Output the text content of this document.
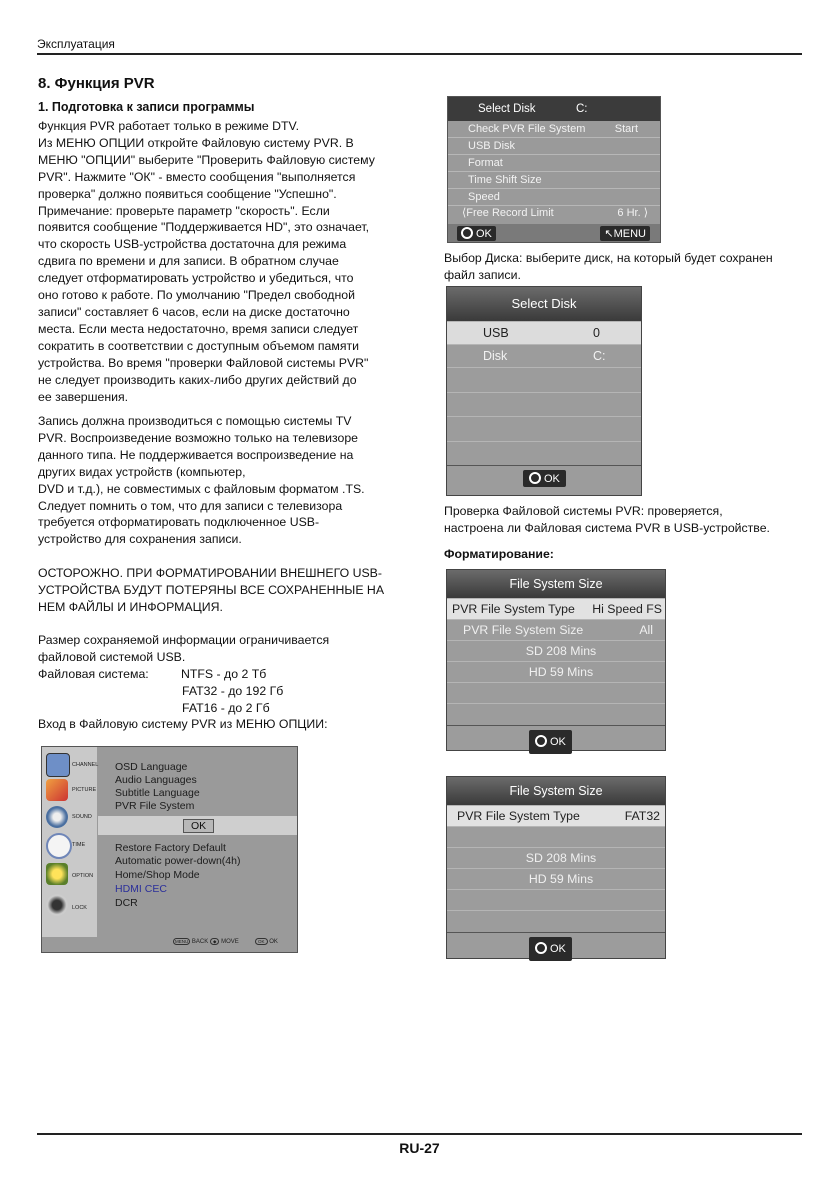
Эксплуатация
RU-27
8. Функция PVR
1. Подготовка к записи программы

Функция PVR работает только в режиме DTV.
Из МЕНЮ ОПЦИИ откройте Файловую систему PVR. В
МЕНЮ "ОПЦИИ" выберите "Проверить Файловую систему
PVR". Нажмите "ОК" - вместо сообщения "выполняется
проверка" должно появиться сообщение "Успешно".
Примечание: проверьте параметр "скорость". Если
появится сообщение "Поддерживается HD", это означает,
что скорость USB-устройства достаточна для режима
сдвига по времени и для записи. В обратном случае
следует отформатировать устройство и убедиться, что
оно готово к работе. По умолчанию "Предел свободной
записи" составляет 6 часов, если на диске достаточно
места. Если места недостаточно, время записи следует
сократить в соответствии с доступным объемом памяти
устройства. Во время "проверки Файловой системы PVR"
не следует производить каких-либо других действий до
ее завершения.

Запись должна производиться с помощью системы TV
PVR. Воспроизведение возможно только на телевизоре
данного типа. Не поддерживается воспроизведение на
других видах устройств (компьютер,
DVD и т.д.), не совместимых с файловым форматом .TS.
Следует помнить о том, что для записи с телевизора
требуется отформатировать подключенное USB-
устройство для сохранения записи.

ОСТОРОЖНО. ПРИ ФОРМАТИРОВАНИИ ВНЕШНЕГО USB-
УСТРОЙСТВА БУДУТ ПОТЕРЯНЫ ВСЕ СОХРАНЕННЫЕ НА
НЕМ ФАЙЛЫ И ИНФОРМАЦИЯ.

Размер сохраняемой информации ограничивается
файловой системой USB.

Файловая система:	NTFS - до 2 Тб
FAT32 - до 192 Гб
FAT16 - до 2 Гб

Вход в Файловую систему PVR из МЕНЮ ОПЦИИ:

Select Disk	C:
Check PVR File System	Start
USB Disk
Format
Time Shift Size
Speed
⟨Free Record Limit	6 Hr. ⟩
OK	↖MENU
Выбор Диска: выберите диск, на который будет сохранен
файл записи.
Проверка Файловой системы PVR: проверяется,
настроена ли Файловая система PVR в USB-устройстве.
Форматирование:
Select Disk
USB	0
Disk	C:
OK
File System Size
PVR File System Type Hi Speed FS
PVR File System Size	All
SD 208 Mins
HD 59 Mins
OK
File System Size
PVR File System Type	FAT32
SD 208 Mins
HD 59 Mins
OK
CHANNEL
PICTURE
SOUND
TIME
OPTION
LOCK
OSD Language
Audio Languages
Subtitle Language
PVR File System
OK
Restore Factory Default
Automatic power-down(4h)
Home/Shop Mode
HDMI CEC
DCR
MENU BACK	◆ MOVE	OK OK
